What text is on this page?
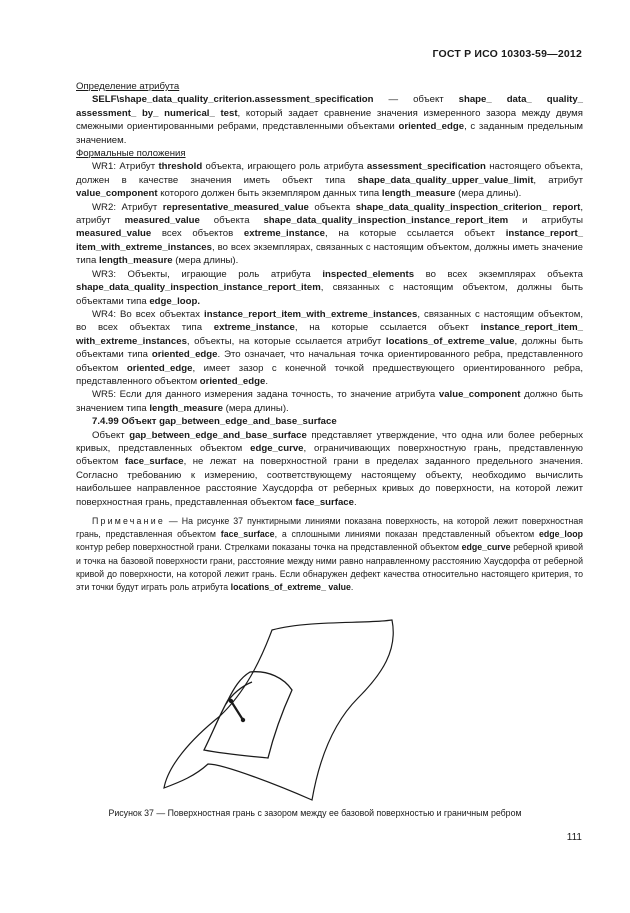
ГОСТ Р ИСО 10303-59—2012

Определение атрибута

SELF\shape_data_quality_criterion.assessment_specification — объект shape_ data_ quality_ assessment_ by_ numerical_ test, который задает сравнение значения измеренного зазора между двумя смежными ориентированными ребрами, представленными объектами oriented_edge, с заданным предельным значением.

Формальные положения

WR1: Атрибут threshold объекта, играющего роль атрибута assessment_specification настоящего объекта, должен в качестве значения иметь объект типа shape_data_quality_upper_value_limit, атрибут value_component которого должен быть экземпляром данных типа length_measure (мера длины).

WR2: Атрибут representative_measured_value объекта shape_data_quality_inspection_criterion_ report, атрибут measured_value объекта shape_data_quality_inspection_instance_report_item и атрибуты measured_value всех объектов extreme_instance, на которые ссылается объект instance_report_ item_with_extreme_instances, во всех экземплярах, связанных с настоящим объектом, должны иметь значение типа length_measure (мера длины).

WR3: Объекты, играющие роль атрибута inspected_elements во всех экземплярах объекта shape_data_quality_inspection_instance_report_item, связанных с настоящим объектом, должны быть объектами типа edge_loop.

WR4: Во всех объектах instance_report_item_with_extreme_instances, связанных с настоящим объектом, во всех объектах типа extreme_instance, на которые ссылается объект instance_report_item_ with_extreme_instances, объекты, на которые ссылается атрибут locations_of_extreme_value, должны быть объектами типа oriented_edge. Это означает, что начальная точка ориентированного ребра, представленного объектом oriented_edge, имеет зазор с конечной точкой предшествующего ориентированного ребра, представленного объектом oriented_edge.

WR5: Если для данного измерения задана точность, то значение атрибута value_component должно быть значением типа length_measure (мера длины).

7.4.99 Объект gap_between_edge_and_base_surface

Объект gap_between_edge_and_base_surface представляет утверждение, что одна или более реберных кривых, представленных объектом edge_curve, ограничивающих поверхностную грань, представленную объектом face_surface, не лежат на поверхностной грани в пределах заданного предельного значения. Согласно требованию к измерению, соответствующему настоящему объекту, необходимо вычислить наибольшее направленное расстояние Хаусдорфа от реберных кривых до поверхности, на которой лежит поверхностная грань, представленная объектом face_surface.

Примечание — На рисунке 37 пунктирными линиями показана поверхность, на которой лежит поверхностная грань, представленная объектом face_surface, а сплошными линиями показан представленный объектом edge_loop контур ребер поверхностной грани. Стрелками показаны точка на представленной объектом edge_curve реберной кривой и точка на базовой поверхности грани, расстояние между ними равно направленному расстоянию Хаусдорфа от реберной кривой до поверхности, на которой лежит грань. Если обнаружен дефект качества относительно настоящего критерия, то эти точки будут играть роль атрибута locations_of_extreme_ value.

Рисунок 37 — Поверхностная грань с зазором между ее базовой поверхностью и граничным ребром
111
